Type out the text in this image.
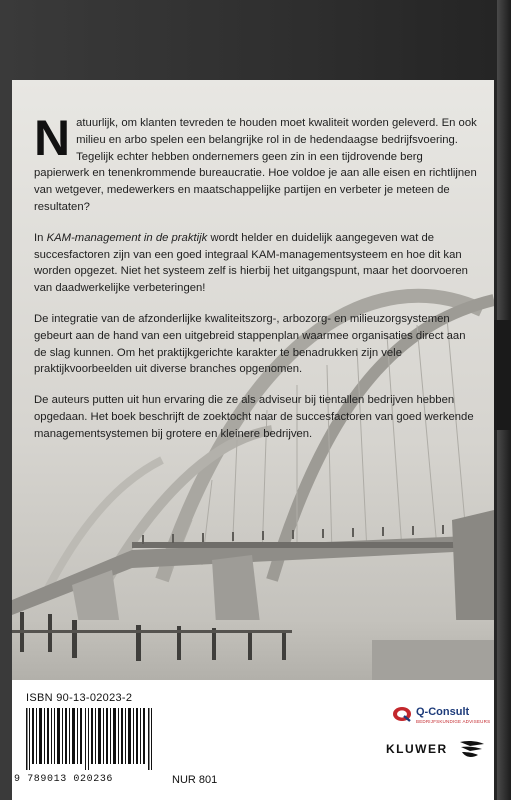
Natuurlijk, om klanten tevreden te houden moet kwaliteit worden geleverd. En ook milieu en arbo spelen een belangrijke rol in de hedendaagse bedrijfsvoering. Tegelijk echter hebben ondernemers geen zin in een tijdrovende berg papierwerk en tenenkrommende bureaucratie. Hoe voldoe je aan alle eisen en richtlijnen van wetgever, medewerkers en maatschappelijke partijen en verbeter je meteen de resultaten?

In KAM-management in de praktijk wordt helder en duidelijk aangegeven wat de succesfactoren zijn van een goed integraal KAM-managementsysteem en hoe dit kan worden opgezet. Niet het systeem zelf is hierbij het uitgangspunt, maar het doorvoeren van daadwerkelijke verbeteringen!

De integratie van de afzonderlijke kwaliteitszorg-, arbozorg- en milieuzorgsystemen gebeurt aan de hand van een uitgebreid stappenplan waarmee organisaties direct aan de slag kunnen. Om het praktijkgerichte karakter te benadrukken zijn vele praktijkvoorbeelden uit diverse branches opgenomen.

De auteurs putten uit hun ervaring die ze als adviseur bij tientallen bedrijven hebben opgedaan. Het boek beschrijft de zoektocht naar de succesfactoren van goed werkende managementsystemen bij grotere en kleinere bedrijven.

ISBN 90-13-02023-2
9 789013 020236	NUR 801
Q-Consult
BEDRIJFSKUNDIGE ADVISEURS
KLUWER
